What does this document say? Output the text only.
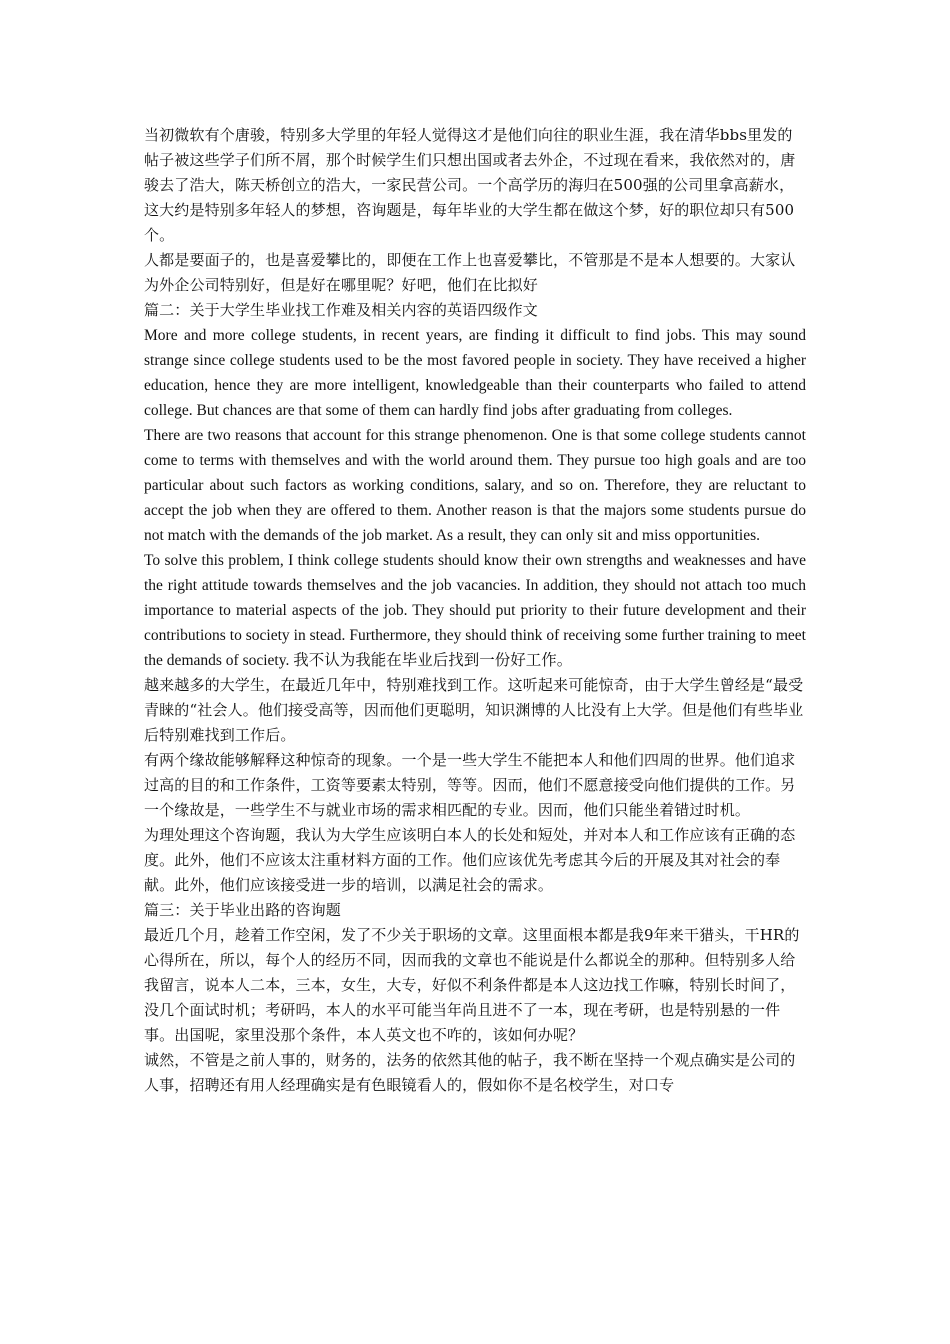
当初微软有个唐骏，特别多大学里的年轻人觉得这才是他们向往的职业生涯，我在清华bbs里发的帖子被这些学子们所不屑，那个时候学生们只想出国或者去外企，不过现在看来，我依然对的，唐骏去了浩大，陈天桥创立的浩大，一家民营公司。一个高学历的海归在500强的公司里拿高薪水，这大约是特别多年轻人的梦想，咨询题是，每年毕业的大学生都在做这个梦，好的职位却只有500个。

人都是要面子的，也是喜爱攀比的，即便在工作上也喜爱攀比，不管那是不是本人想要的。大家认为外企公司特别好，但是好在哪里呢？好吧，他们在比拟好

篇二：关于大学生毕业找工作难及相关内容的英语四级作文

More and more college students, in recent years, are finding it difficult to find jobs. This may sound strange since college students used to be the most favored people in society. They have received a higher education, hence they are more intelligent, knowledgeable than their counterparts who failed to attend college. But chances are that some of them can hardly find jobs after graduating from colleges.

There are two reasons that account for this strange phenomenon. One is that some college students cannot come to terms with themselves and with the world around them. They pursue too high goals and are too particular about such factors as working conditions, salary, and so on. Therefore, they are reluctant to accept the job when they are offered to them. Another reason is that the majors some students pursue do not match with the demands of the job market. As a result, they can only sit and miss opportunities.

To solve this problem, I think college students should know their own strengths and weaknesses and have the right attitude towards themselves and the job vacancies. In addition, they should not attach too much importance to material aspects of the job. They should put priority to their future development and their contributions to society in stead. Furthermore, they should think of receiving some further training to meet the demands of society. 我不认为我能在毕业后找到一份好工作。

越来越多的大学生，在最近几年中，特别难找到工作。这听起来可能惊奇，由于大学生曾经是“最受青睐的“社会人。他们接受高等，因而他们更聪明，知识渊博的人比没有上大学。但是他们有些毕业后特别难找到工作后。

有两个缘故能够解释这种惊奇的现象。一个是一些大学生不能把本人和他们四周的世界。他们追求过高的目的和工作条件，工资等要素太特别，等等。因而，他们不愿意接受向他们提供的工作。另一个缘故是，一些学生不与就业市场的需求相匹配的专业。因而，他们只能坐着错过时机。

为理处理这个咨询题，我认为大学生应该明白本人的长处和短处，并对本人和工作应该有正确的态度。此外，他们不应该太注重材料方面的工作。他们应该优先考虑其今后的开展及其对社会的奉献。此外，他们应该接受进一步的培训，以满足社会的需求。

篇三：关于毕业出路的咨询题

最近几个月，趁着工作空闲，发了不少关于职场的文章。这里面根本都是我9年来干猎头，干HR的心得所在，所以，每个人的经历不同，因而我的文章也不能说是什么都说全的那种。但特别多人给我留言，说本人二本，三本，女生，大专，好似不利条件都是本人这边找工作嘛，特别长时间了，没几个面试时机；考研吗，本人的水平可能当年尚且进不了一本，现在考研，也是特别悬的一件事。出国呢，家里没那个条件，本人英文也不咋的，该如何办呢？

诚然，不管是之前人事的，财务的，法务的依然其他的帖子，我不断在坚持一个观点确实是公司的人事，招聘还有用人经理确实是有色眼镜看人的，假如你不是名校学生，对口专
